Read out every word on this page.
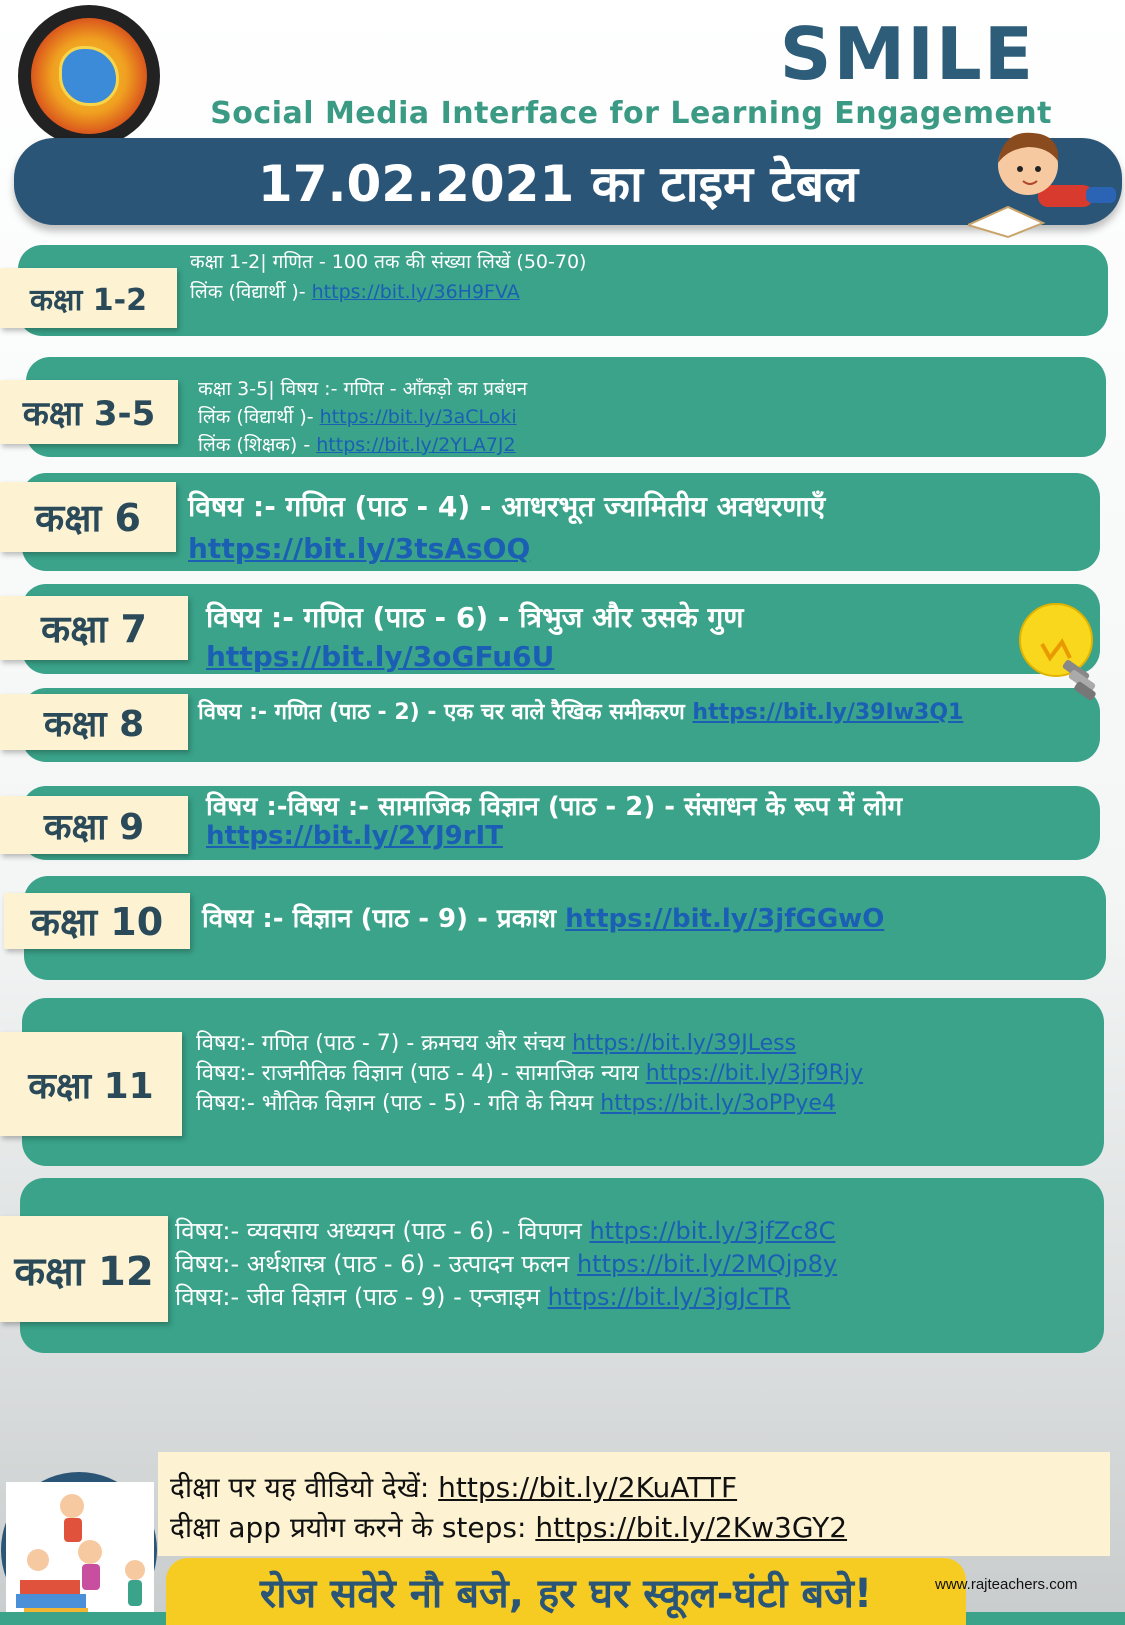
SMILE
Social Media Interface for Learning Engagement
17.02.2021 का टाइम टेबल
कक्षा 1-2
कक्षा 1-2| गणित - 100 तक की संख्या लिखें (50-70)
लिंक (विद्यार्थी )- https://bit.ly/36H9FVA
कक्षा 3-5
कक्षा 3-5| विषय :- गणित - आँकड़ो का प्रबंधन
लिंक (विद्यार्थी )- https://bit.ly/3aCLoki
लिंक (शिक्षक) - https://bit.ly/2YLA7J2
कक्षा 6	विषय :- गणित (पाठ - 4) - आधरभूत ज्यामितीय अवधरणाएँ
https://bit.ly/3tsAsOQ
कक्षा 7	विषय :- गणित (पाठ - 6) - त्रिभुज और उसके गुण
https://bit.ly/3oGFu6U
कक्षा 8	विषय :- गणित (पाठ - 2) - एक चर वाले रैखिक समीकरण https://bit.ly/39Iw3Q1
कक्षा 9	विषय :-विषय :- सामाजिक विज्ञान (पाठ - 2) - संसाधन के रूप में लोग
https://bit.ly/2YJ9rIT
कक्षा 10	विषय :- विज्ञान (पाठ - 9) - प्रकाश https://bit.ly/3jfGGwO
कक्षा 11
विषय:- गणित (पाठ - 7) - क्रमचय और संचय https://bit.ly/39JLess
विषय:- राजनीतिक विज्ञान (पाठ - 4) - सामाजिक न्याय https://bit.ly/3jf9Rjy
विषय:- भौतिक विज्ञान (पाठ - 5) - गति के नियम https://bit.ly/3oPPye4
कक्षा 12
विषय:- व्यवसाय अध्ययन (पाठ - 6) - विपणन https://bit.ly/3jfZc8C
विषय:- अर्थशास्त्र (पाठ - 6) - उत्पादन फलन https://bit.ly/2MQjp8y
विषय:- जीव विज्ञान (पाठ - 9) - एन्जाइम https://bit.ly/3jgJcTR
दीक्षा पर यह वीडियो देखें: https://bit.ly/2KuATTF
दीक्षा app प्रयोग करने के steps: https://bit.ly/2Kw3GY2
रोज सवेरे नौ बजे, हर घर स्कूल-घंटी बजे!	www.rajteachers.com
